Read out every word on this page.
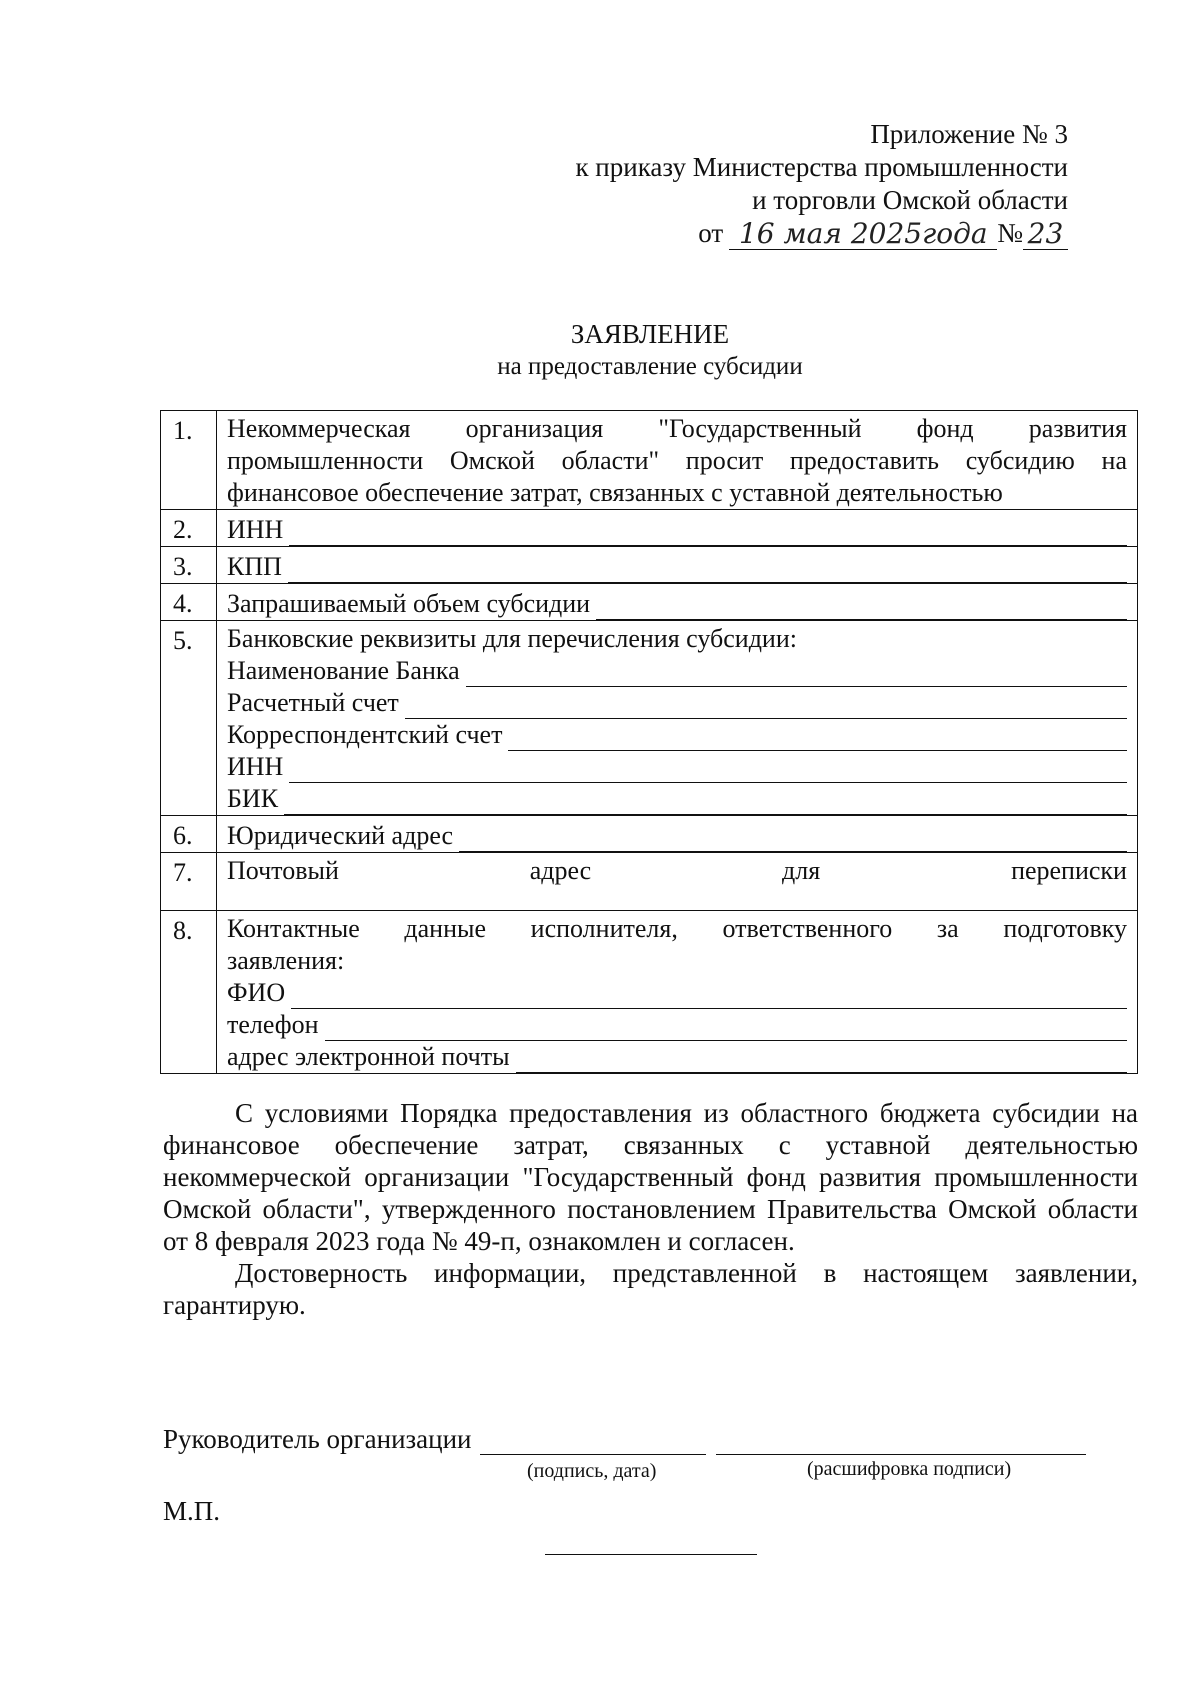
Приложение № 3
к приказу Министерства промышленности
и торговли Омской области
от 16 мая 2025года № 23
ЗАЯВЛЕНИЕ
на предоставление субсидии
1.	Некоммерческая организация "Государственный фонд развития
промышленности Омской области" просит предоставить субсидию на
финансовое обеспечение затрат, связанных с уставной деятельностью
2.	ИНН
3.	КПП
4.	Запрашиваемый объем субсидии
5.	Банковские реквизиты для перечисления субсидии:
Наименование Банка
Расчетный счет
Корреспондентский счет
ИНН
БИК
6.	Юридический адрес
7.	Почтовый	адрес	для	переписки
8.	Контактные данные исполнителя, ответственного за подготовку
заявления:
ФИО
телефон
адрес электронной почты

С условиями Порядка предоставления из областного бюджета субсидии на финансовое обеспечение затрат, связанных с уставной деятельностью некоммерческой организации "Государственный фонд развития промышленности Омской области", утвержденного постановлением Правительства Омской области от 8 февраля 2023 года № 49-п, ознакомлен и согласен.

Достоверность информации, представленной в настоящем заявлении, гарантирую.

Руководитель организации
(подпись, дата)	(расшифровка подписи)
М.П.
